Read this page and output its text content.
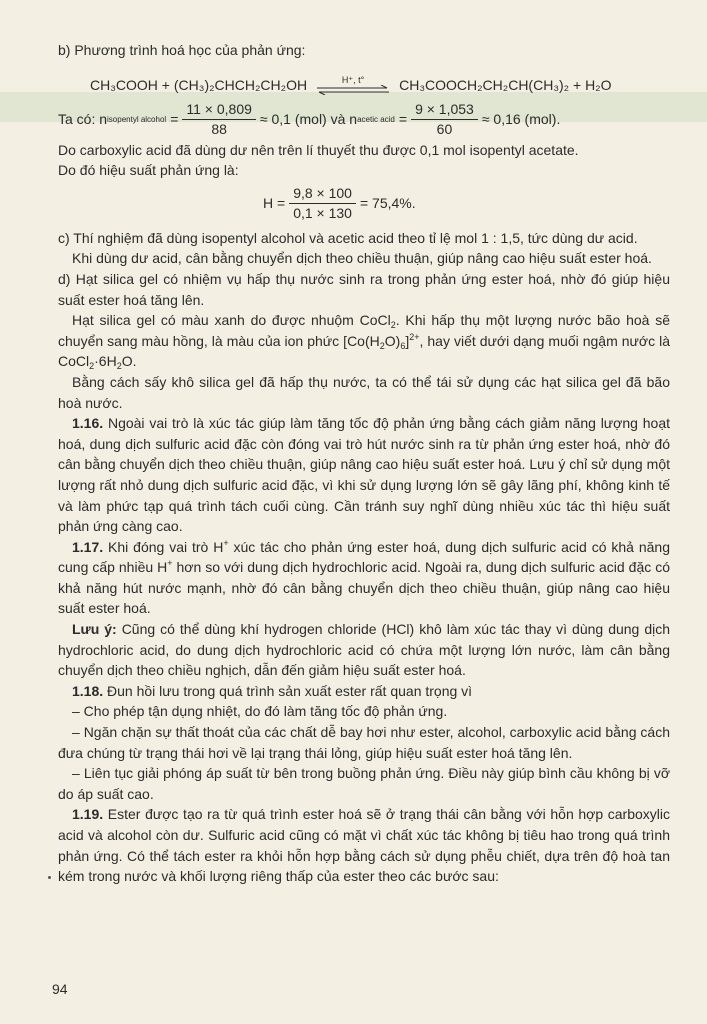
b) Phương trình hoá học của phản ứng:

CH₃COOH + (CH₃)₂CHCH₂CH₂OH	H⁺, t° CH₃COOCH₂CH₂CH(CH₃)₂ + H₂O
Ta có: n isopentyl alcohol = $\frac{11 \times 0,809}{88} \approx 0,1$ (mol) và n acetic acid = $\frac{9 \times 1,053}{60} \approx 0,16$ (mol).

Do carboxylic acid đã dùng dư nên trên lí thuyết thu được 0,1 mol isopentyl acetate.

Do đó hiệu suất phản ứng là:

$H = \frac{9,8 \times 100}{0,1 \times 130} = 75,4\%$.

c) Thí nghiệm đã dùng isopentyl alcohol và acetic acid theo tỉ lệ mol 1 : 1,5, tức dùng dư acid.

Khi dùng dư acid, cân bằng chuyển dịch theo chiều thuận, giúp nâng cao hiệu suất ester hoá.

d) Hạt silica gel có nhiệm vụ hấp thụ nước sinh ra trong phản ứng ester hoá, nhờ đó giúp hiệu suất ester hoá tăng lên.

Hạt silica gel có màu xanh do được nhuộm CoCl$_2$. Khi hấp thụ một lượng nước bão hoà sẽ chuyển sang màu hồng, là màu của ion phức $[Co(H_2O)_6]^{2+}$, hay viết dưới dạng muối ngậm nước là $CoCl_2\cdot 6H_2O$.

Bằng cách sấy khô silica gel đã hấp thụ nước, ta có thể tái sử dụng các hạt silica gel đã bão hoà nước.

1.16. Ngoài vai trò là xúc tác giúp làm tăng tốc độ phản ứng bằng cách giảm năng lượng hoạt hoá, dung dịch sulfuric acid đặc còn đóng vai trò hút nước sinh ra từ phản ứng ester hoá, nhờ đó cân bằng chuyển dịch theo chiều thuận, giúp nâng cao hiệu suất ester hoá. Lưu ý chỉ sử dụng một lượng rất nhỏ dung dịch sulfuric acid đặc, vì khi sử dụng lượng lớn sẽ gây lãng phí, không kinh tế và làm phức tạp quá trình tách cuối cùng. Cần tránh suy nghĩ dùng nhiều xúc tác thì hiệu suất phản ứng càng cao.

1.17. Khi đóng vai trò H+ xúc tác cho phản ứng ester hoá, dung dịch sulfuric acid có khả năng cung cấp nhiều H+ hơn so với dung dịch hydrochloric acid. Ngoài ra, dung dịch sulfuric acid đặc có khả năng hút nước mạnh, nhờ đó cân bằng chuyển dịch theo chiều thuận, giúp nâng cao hiệu suất ester hoá.

Lưu ý: Cũng có thể dùng khí hydrogen chloride (HCl) khô làm xúc tác thay vì dùng dung dịch hydrochloric acid, do dung dịch hydrochloric acid có chứa một lượng lớn nước, làm cân bằng chuyển dịch theo chiều nghịch, dẫn đến giảm hiệu suất ester hoá.

1.18. Đun hồi lưu trong quá trình sản xuất ester rất quan trọng vì

– Cho phép tận dụng nhiệt, do đó làm tăng tốc độ phản ứng.

– Ngăn chặn sự thất thoát của các chất dễ bay hơi như ester, alcohol, carboxylic acid bằng cách đưa chúng từ trạng thái hơi về lại trạng thái lỏng, giúp hiệu suất ester hoá tăng lên.

– Liên tục giải phóng áp suất từ bên trong buồng phản ứng. Điều này giúp bình cầu không bị vỡ do áp suất cao.

1.19. Ester được tạo ra từ quá trình ester hoá sẽ ở trạng thái cân bằng với hỗn hợp carboxylic acid và alcohol còn dư. Sulfuric acid cũng có mặt vì chất xúc tác không bị tiêu hao trong quá trình phản ứng. Có thể tách ester ra khỏi hỗn hợp bằng cách sử dụng phễu chiết, dựa trên độ hoà tan kém trong nước và khối lượng riêng thấp của ester theo các bước sau:

94
